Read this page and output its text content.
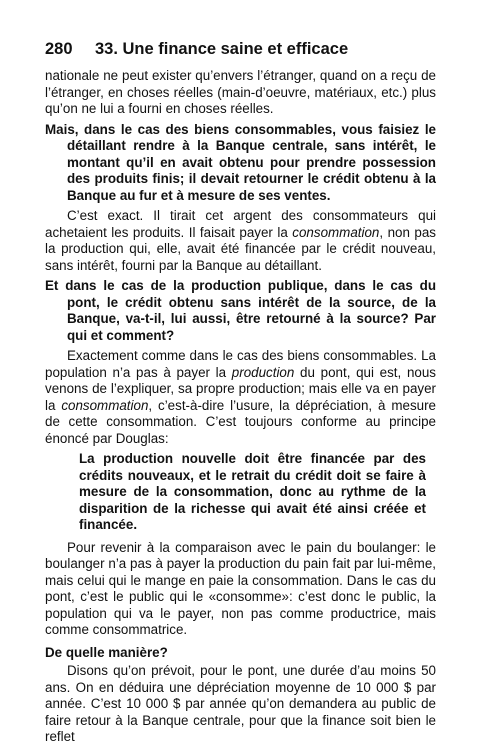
280	33. Une finance saine et efficace

nationale ne peut exister qu’envers l’étranger, quand on a reçu de l’étranger, en choses réelles (main-d’oeuvre, matériaux, etc.) plus qu’on ne lui a fourni en choses réelles.

Mais, dans le cas des biens consommables, vous faisiez le détaillant rendre à la Banque centrale, sans intérêt, le montant qu’il en avait obtenu pour prendre possession des produits finis; il devait retourner le crédit obtenu à la Banque au fur et à mesure de ses ventes.

C’est exact. Il tirait cet argent des consommateurs qui achetaient les produits. Il faisait payer la consommation, non pas la production qui, elle, avait été financée par le crédit nouveau, sans intérêt, fourni par la Banque au détaillant.

Et dans le cas de la production publique, dans le cas du pont, le crédit obtenu sans intérêt de la source, de la Banque, va-t-il, lui aussi, être retourné à la source? Par qui et comment?

Exactement comme dans le cas des biens consommables. La population n’a pas à payer la production du pont, qui est, nous venons de l’expliquer, sa propre production; mais elle va en payer la consommation, c’est-à-dire l’usure, la dépréciation, à mesure de cette consommation. C’est toujours conforme au principe énoncé par Douglas:

La production nouvelle doit être financée par des crédits nouveaux, et le retrait du crédit doit se faire à mesure de la consommation, donc au rythme de la disparition de la richesse qui avait été ainsi créée et financée.

Pour revenir à la comparaison avec le pain du boulanger: le boulanger n’a pas à payer la production du pain fait par lui-même, mais celui qui le mange en paie la consommation. Dans le cas du pont, c’est le public qui le «consomme»: c’est donc le public, la population qui va le payer, non pas comme productrice, mais comme consommatrice.

De quelle manière?

Disons qu’on prévoit, pour le pont, une durée d’au moins 50 ans. On en déduira une dépréciation moyenne de 10 000 $ par année. C’est 10 000 $ par année qu’on demandera au public de faire retour à la Banque centrale, pour que la finance soit bien le reflet
